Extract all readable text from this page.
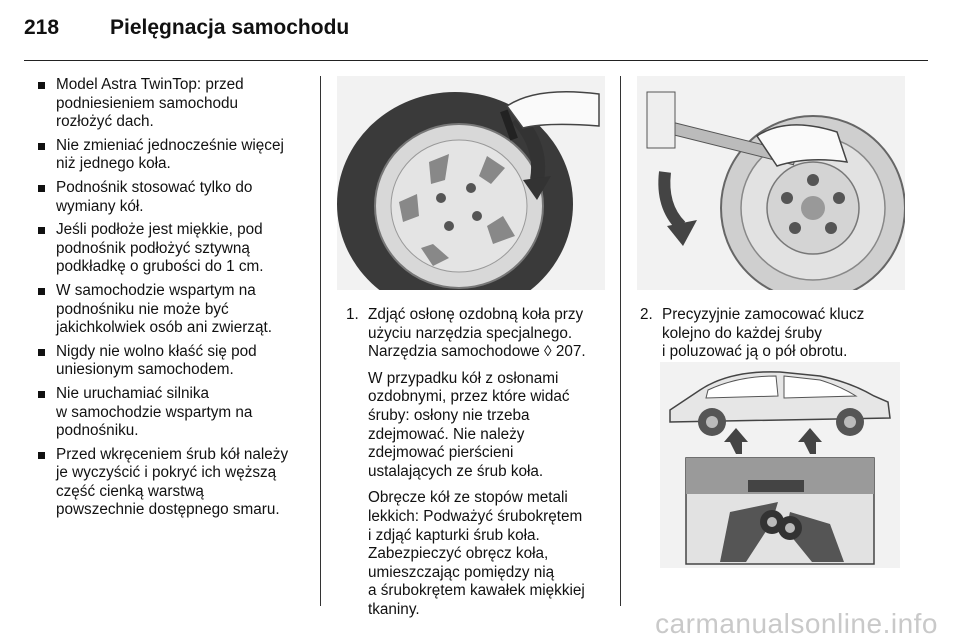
218 Pielęgnacja samochodu
Model Astra TwinTop: przed
podniesieniem samochodu
rozłożyć dach.
Nie zmieniać jednocześnie więcej
niż jednego koła.
Podnośnik stosować tylko do
wymiany kół.
Jeśli podłoże jest miękkie, pod
podnośnik podłożyć sztywną
podkładkę o grubości do 1 cm.
W samochodzie wspartym na
podnośniku nie może być
jakichkolwiek osób ani zwierząt.
Nigdy nie wolno kłaść się pod
uniesionym samochodem.
Nie uruchamiać silnika
w samochodzie wspartym na
podnośniku.
Przed wkręceniem śrub kół należy
je wyczyścić i pokryć ich węższą
część cienką warstwą
powszechnie dostępnego smaru.
1. Zdjąć osłonę ozdobną koła przy
użyciu narzędzia specjalnego.
Narzędzia samochodowe ◊ 207.

W przypadku kół z osłonami
ozdobnymi, przez które widać
śruby: osłony nie trzeba
zdejmować. Nie należy
zdejmować pierścieni
ustalających ze śrub koła.

Obręcze kół ze stopów metali
lekkich: Podważyć śrubokrętem
i zdjąć kapturki śrub koła.
Zabezpieczyć obręcz koła,
umieszczając pomiędzy nią
a śrubokrętem kawałek miękkiej
tkaniny.

2. Precyzyjnie zamocować klucz
kolejno do każdej śruby
i poluzować ją o pół obrotu.

carmanualsonline.info
